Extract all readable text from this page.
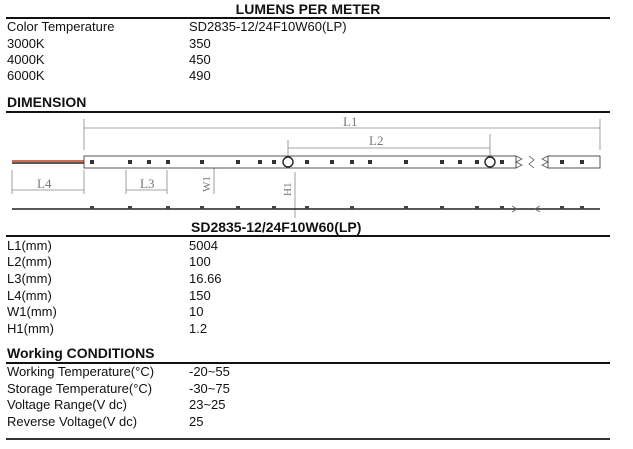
LUMENS PER METER
Color Temperature	SD2835-12/24F10W60(LP)
3000K	350
4000K	450
6000K	490
DIMENSION
L1
L2
L4	L3	W1	H1
SD2835-12/24F10W60(LP)
L1(mm)	5004
L2(mm)	100
L3(mm)	16.66
L4(mm)	150
W1(mm)	10
H1(mm)	1.2
Working CONDITIONS
Working Temperature(°C)	-20~55
Storage Temperature(°C)	-30~75
Voltage Range(V dc)	23~25
Reverse Voltage(V dc)	25
